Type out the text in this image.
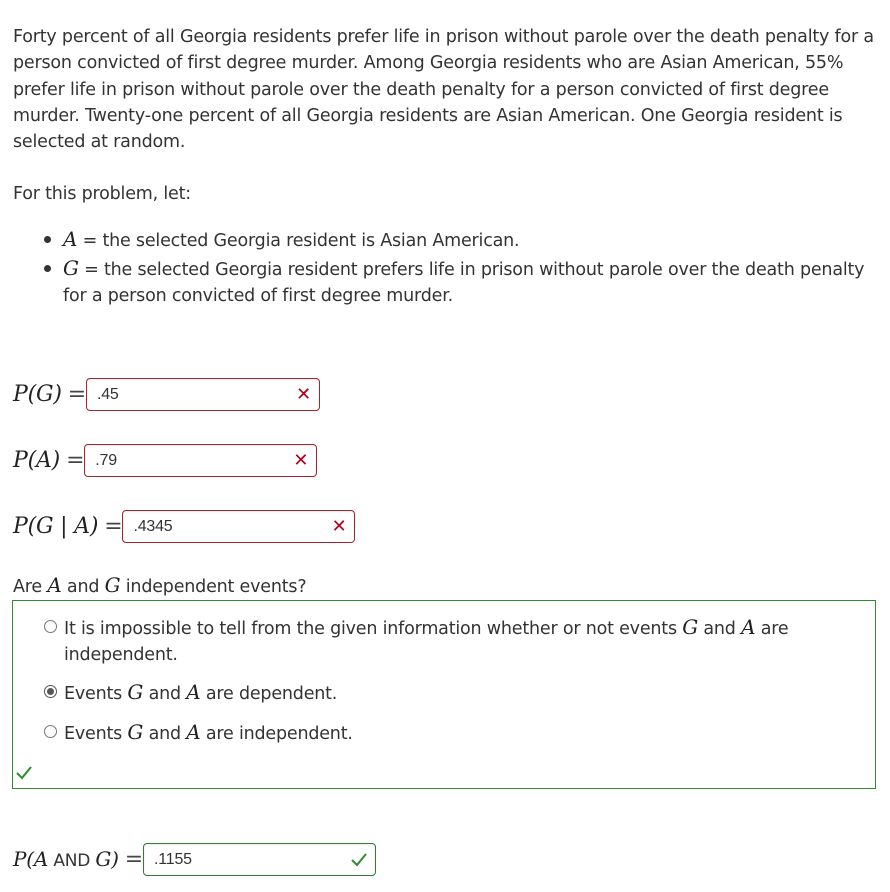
Forty percent of all Georgia residents prefer life in prison without parole over the death penalty for a person convicted of first degree murder. Among Georgia residents who are Asian American, 55% prefer life in prison without parole over the death penalty for a person convicted of first degree murder. Twenty-one percent of all Georgia residents are Asian American. One Georgia resident is selected at random.

For this problem, let:

A = the selected Georgia resident is Asian American.
G = the selected Georgia resident prefers life in prison without parole over the death penalty for a person convicted of first degree murder.
P(G) = .45	✕
P(A) = .79	✕
P(G | A) = .4345	✕
Are A and G independent events?
It is impossible to tell from the given information whether or not events G and A are independent.
Events G and A are dependent.
Events G and A are independent.
P(A AND G) = .1155
